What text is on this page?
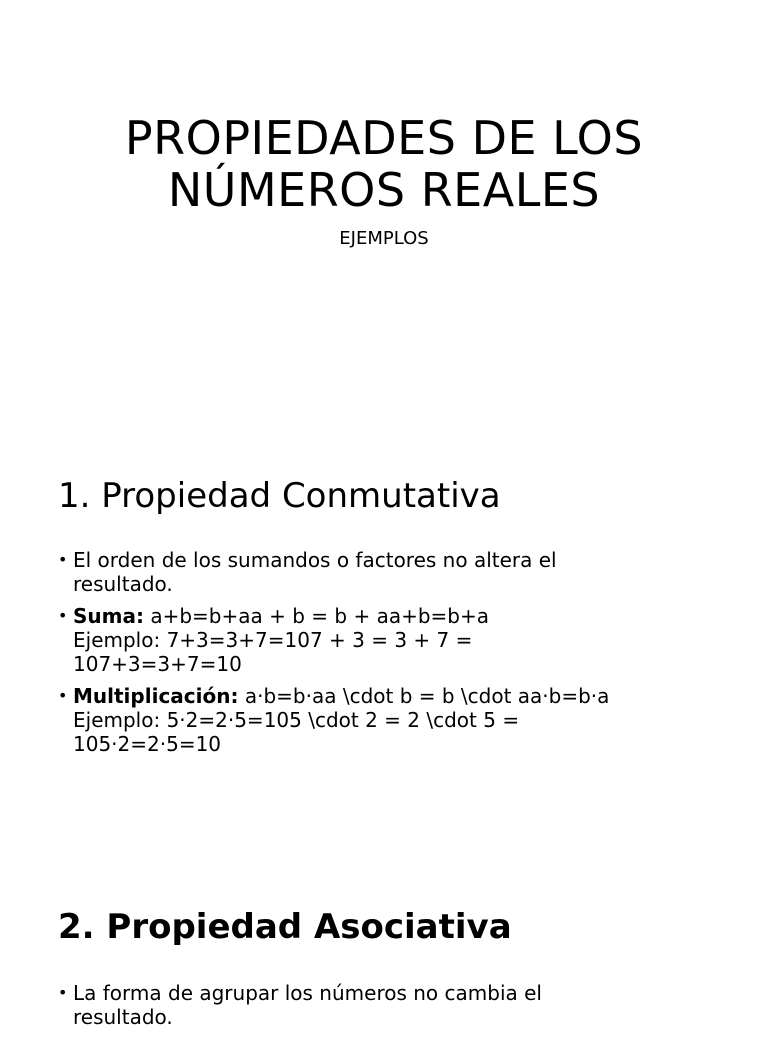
PROPIEDADES DE LOS
NÚMEROS REALES

EJEMPLOS

1. Propiedad Conmutativa
• El orden de los sumandos o factores no altera el
resultado.
• Suma: a+b=b+aa + b = b + aa+b=b+a
Ejemplo: 7+3=3+7=107 + 3 = 3 + 7 =
107+3=3+7=10
• Multiplicación: a·b=b·aa \cdot b = b \cdot aa·b=b·a
Ejemplo: 5·2=2·5=105 \cdot 2 = 2 \cdot 5 =
105·2=2·5=10
2. Propiedad Asociativa
• La forma de agrupar los números no cambia el
resultado.
